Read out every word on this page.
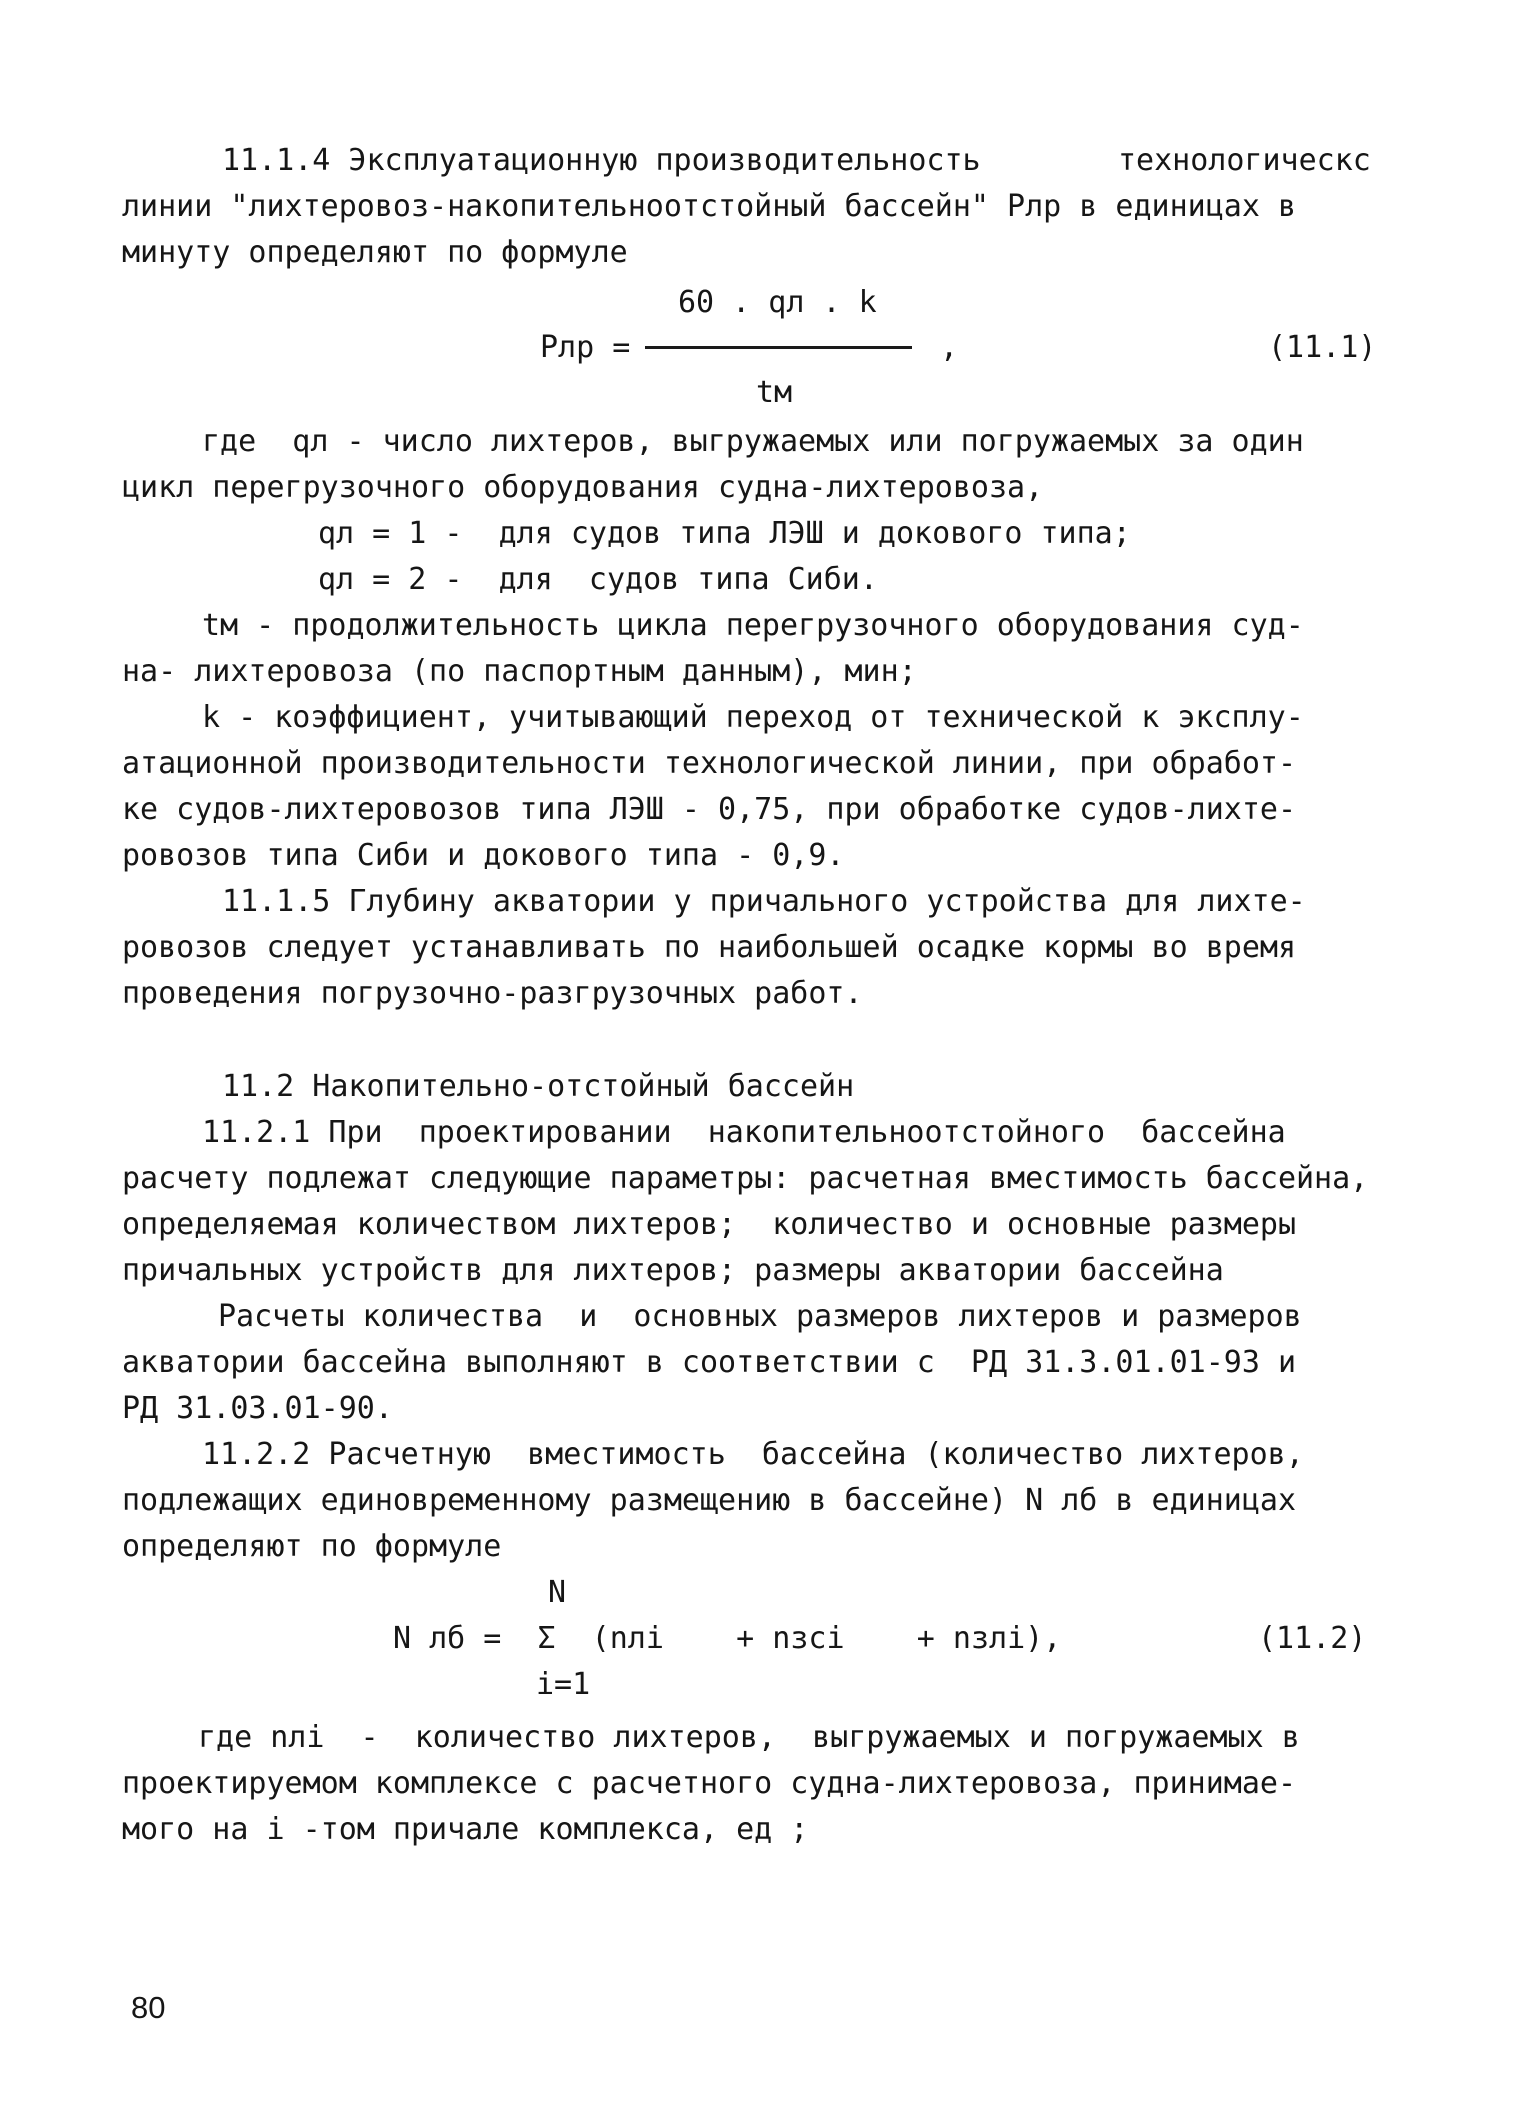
11.1.4 Эксплуатационную производительность	технологическс
линии "лихтеровоз-накопительноотстойный бассейн" Рлр в единицах в
минуту определяют по формуле
60 . qл . k
Рлр =	,	(11.1)
tм
где  qл - число лихтеров, выгружаемых или погружаемых за один
цикл перегрузочного оборудования судна-лихтеровоза,
qл = 1 -  для судов типа ЛЭШ и докового типа;
qл = 2 -  для  судов типа Сиби.
tм - продолжительность цикла перегрузочного оборудования суд-
на- лихтеровоза (по паспортным данным), мин;
k - коэффициент, учитывающий переход от технической к эксплу-
атационной производительности технологической линии, при обработ-
ке судов-лихтеровозов типа ЛЭШ - 0,75, при обработке судов-лихте-
ровозов типа Сиби и докового типа - 0,9.
11.1.5 Глубину акватории у причального устройства для лихте-
ровозов следует устанавливать по наибольшей осадке кормы во время
проведения погрузочно-разгрузочных работ.
11.2 Накопительно-отстойный бассейн
11.2.1 При  проектировании  накопительноотстойного  бассейна
расчету подлежат следующие параметры: расчетная вместимость бассейна,
определяемая количеством лихтеров;  количество и основные размеры
причальных устройств для лихтеров; размеры акватории бассейна
Расчеты количества  и  основных размеров лихтеров и размеров
акватории бассейна выполняют в соответствии с  РД 31.3.01.01-93 и
РД 31.03.01-90.
11.2.2 Расчетную  вместимость  бассейна (количество лихтеров,
подлежащих единовременному размещению в бассейне) N лб в единицах
определяют по формуле
N
N лб =  Σ  (nлi    + nзсi    + nзлi),	(11.2)
i=1
где nлi  -  количество лихтеров,  выгружаемых и погружаемых в
проектируемом комплексе с расчетного судна-лихтеровоза, принимае-
мого на i -том причале комплекса, ед ;
80
